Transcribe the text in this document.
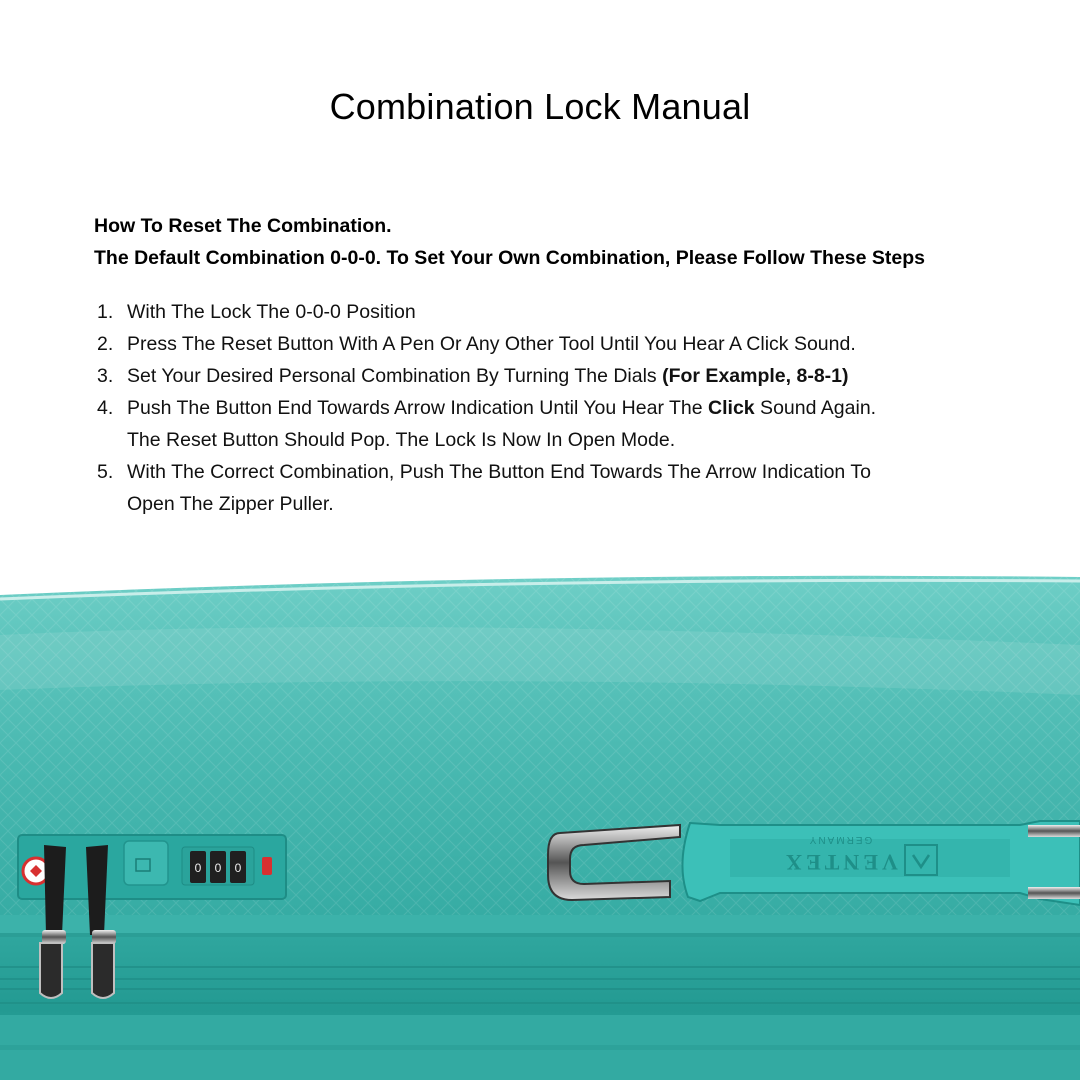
Combination Lock Manual
How To Reset The Combination.
The Default Combination 0-0-0. To Set Your Own Combination, Please Follow These Steps
1. With The Lock The 0-0-0 Position
2. Press The Reset Button With A Pen Or Any Other Tool Until You Hear A Click Sound.
3. Set Your Desired Personal Combination By Turning The Dials (For Example, 8-8-1)
4. Push The Button End Towards Arrow Indication Until You Hear The Click Sound Again.
The Reset Button Should Pop. The Lock Is Now In Open Mode.
5. With The Correct Combination, Push The Button End Towards The Arrow Indication To
Open The Zipper Puller.
0 0 0	VENTEX
GERMANY
